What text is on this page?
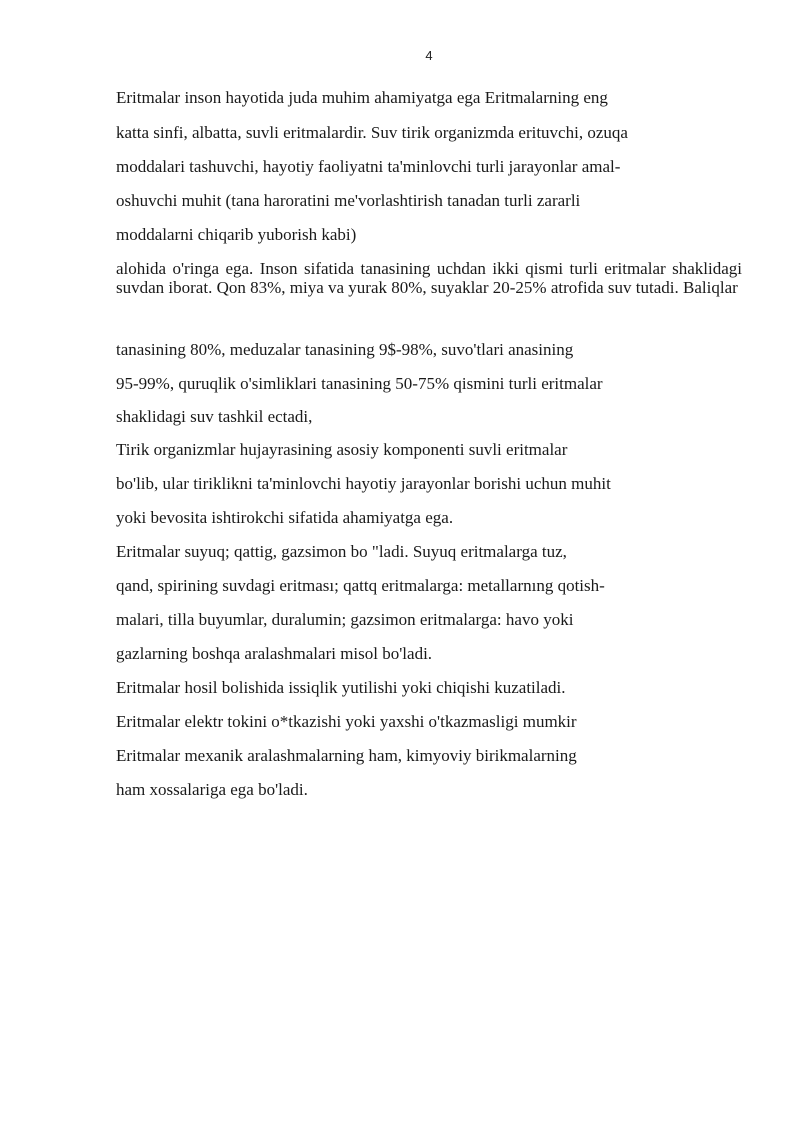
4
Eritmalar inson hayotida juda muhim ahamiyatga ega Eritmalarning eng
katta sinfi, albatta, suvli eritmalardir. Suv tirik organizmda erituvchi, ozuqa
moddalari tashuvchi, hayotiy faoliyatni ta'minlovchi turli jarayonlar amal-
oshuvchi muhit (tana haroratini me'vorlashtirish tanadan turli zararli
moddalarni chiqarib yuborish kabi)
alohida o'ringa ega. Inson sifatida tanasining uchdan ikki qismi turli eritmalar shaklidagi suvdan iborat. Qon 83%, miya va yurak 80%, suyaklar 20-25% atrofida suv tutadi. Baliqlar
tanasining 80%, meduzalar tanasining 9$-98%, suvo'tlari anasining
95-99%, quruqlik o'simliklari tanasining 50-75% qismini turli eritmalar
shaklidagi suv tashkil ectadi,
Tirik organizmlar hujayrasining asosiy komponenti suvli eritmalar
bo'lib, ular tiriklikni ta'minlovchi hayotiy jarayonlar borishi uchun muhit
yoki bevosita ishtirokchi sifatida ahamiyatga ega.
Eritmalar suyuq; qattig, gazsimon bo "ladi. Suyuq eritmalarga tuz,
qand, spirining suvdagi eritması; qattq eritmalarga: metallarnıng qotish-
malari, tilla buyumlar, duralumin; gazsimon eritmalarga: havo yoki
gazlarning boshqa aralashmalari misol bo'ladi.
Eritmalar hosil bolishida issiqlik yutilishi yoki chiqishi kuzatiladi.
Eritmalar elektr tokini o*tkazishi yoki yaxshi o'tkazmasligi mumkir
Eritmalar mexanik aralashmalarning ham, kimyoviy birikmalarning
ham xossalariga ega bo'ladi.
